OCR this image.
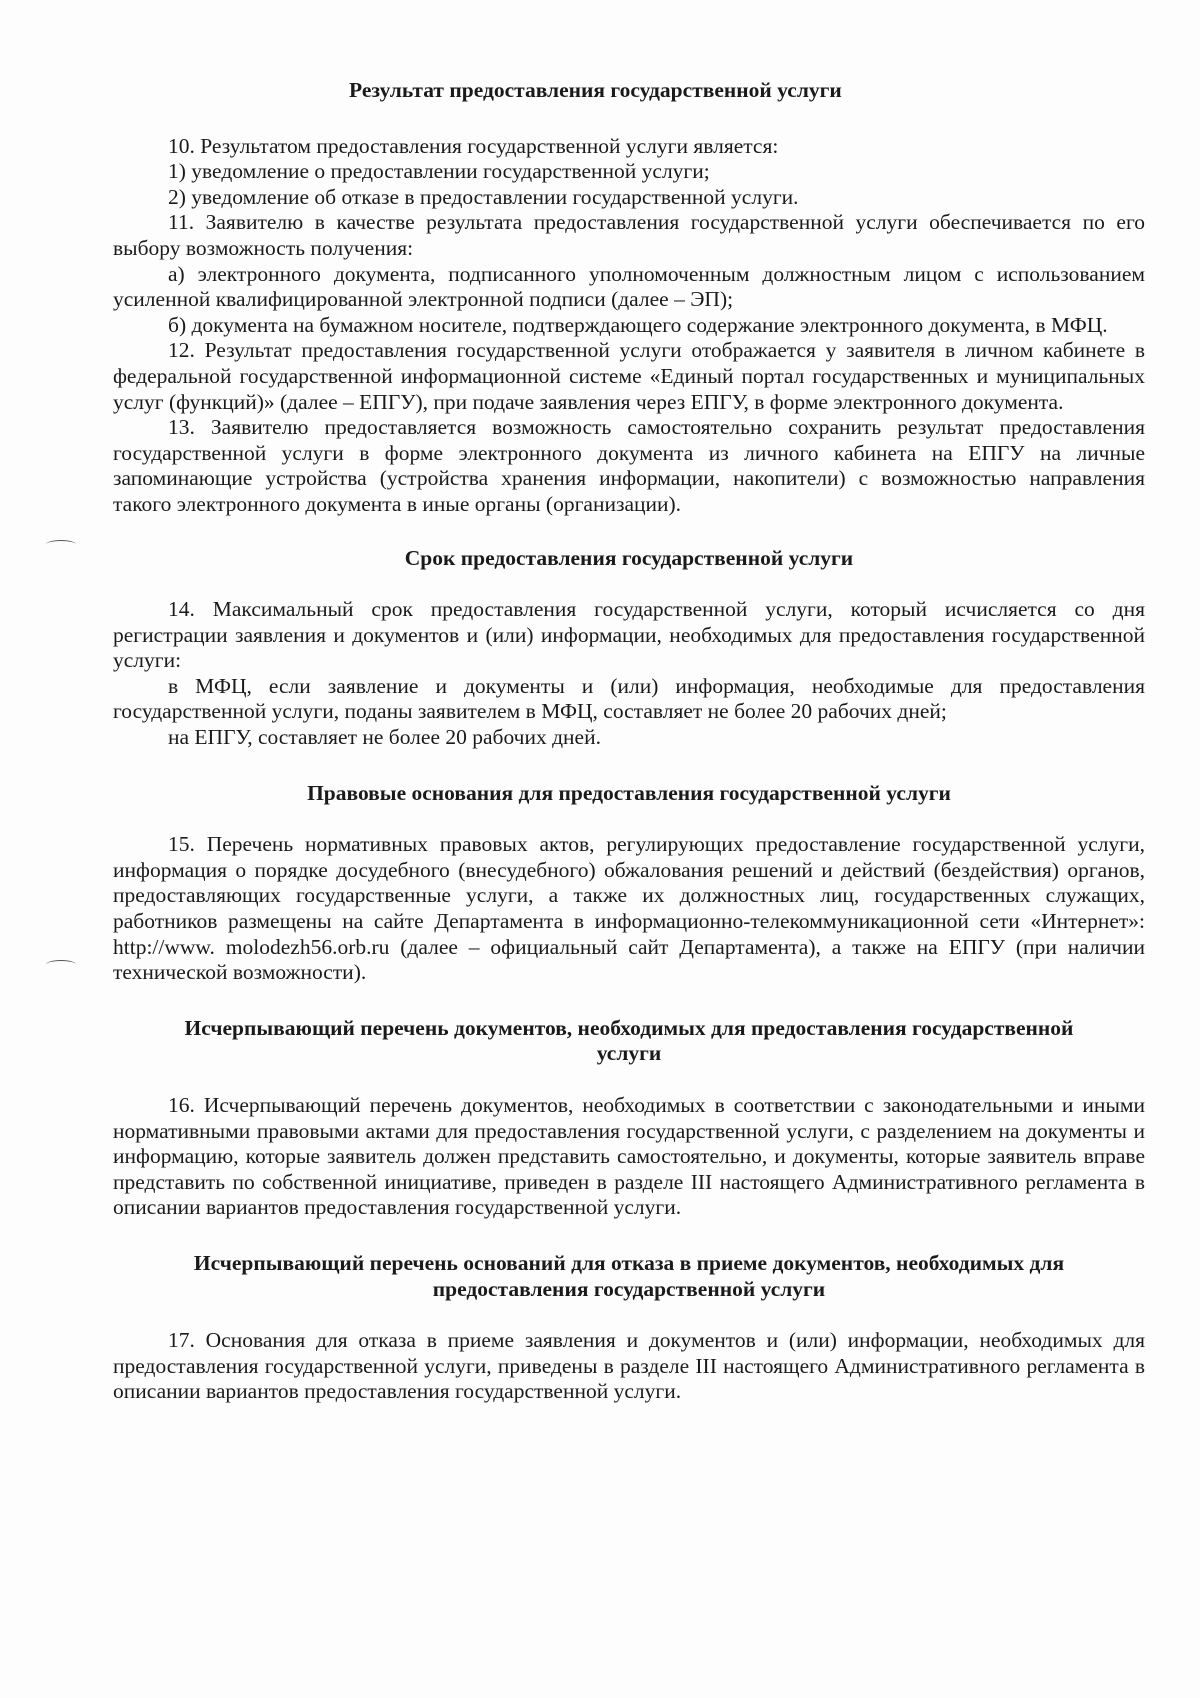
Результат предоставления государственной услуги

10. Результатом предоставления государственной услуги является:

1) уведомление о предоставлении государственной услуги;

2) уведомление об отказе в предоставлении государственной услуги.

11. Заявителю в качестве результата предоставления государственной услуги обеспечивается по его выбору возможность получения:

а) электронного документа, подписанного уполномоченным должностным лицом с использованием усиленной квалифицированной электронной подписи (далее – ЭП);

б) документа на бумажном носителе, подтверждающего содержание электронного документа, в МФЦ.

12. Результат предоставления государственной услуги отображается у заявителя в личном кабинете в федеральной государственной информационной системе «Единый портал государственных и муниципальных услуг (функций)» (далее – ЕПГУ), при подаче заявления через ЕПГУ, в форме электронного документа.

13. Заявителю предоставляется возможность самостоятельно сохранить результат предоставления государственной услуги в форме электронного документа из личного кабинета на ЕПГУ на личные запоминающие устройства (устройства хранения информации, накопители) с возможностью направления такого электронного документа в иные органы (организации).

Срок предоставления государственной услуги

14. Максимальный срок предоставления государственной услуги, который исчисляется со дня регистрации заявления и документов и (или) информации, необходимых для предоставления государственной услуги:

в МФЦ, если заявление и документы и (или) информация, необходимые для предоставления государственной услуги, поданы заявителем в МФЦ, составляет не более 20 рабочих дней;

на ЕПГУ, составляет не более 20 рабочих дней.

Правовые основания для предоставления государственной услуги

15. Перечень нормативных правовых актов, регулирующих предоставление государственной услуги, информация о порядке досудебного (внесудебного) обжалования решений и действий (бездействия) органов, предоставляющих государственные услуги, а также их должностных лиц, государственных служащих, работников размещены на сайте Департамента в информационно-телекоммуникационной сети «Интернет»: http://www. molodezh56.orb.ru (далее – официальный сайт Департамента), а также на ЕПГУ (при наличии технической возможности).

Исчерпывающий перечень документов, необходимых для предоставления государственной услуги

16. Исчерпывающий перечень документов, необходимых в соответствии с законодательными и иными нормативными правовыми актами для предоставления государственной услуги, с разделением на документы и информацию, которые заявитель должен представить самостоятельно, и документы, которые заявитель вправе представить по собственной инициативе, приведен в разделе III настоящего Административного регламента в описании вариантов предоставления государственной услуги.

Исчерпывающий перечень оснований для отказа в приеме документов, необходимых для предоставления государственной услуги

17. Основания для отказа в приеме заявления и документов и (или) информации, необходимых для предоставления государственной услуги, приведены в разделе III настоящего Административного регламента в описании вариантов предоставления государственной услуги.
